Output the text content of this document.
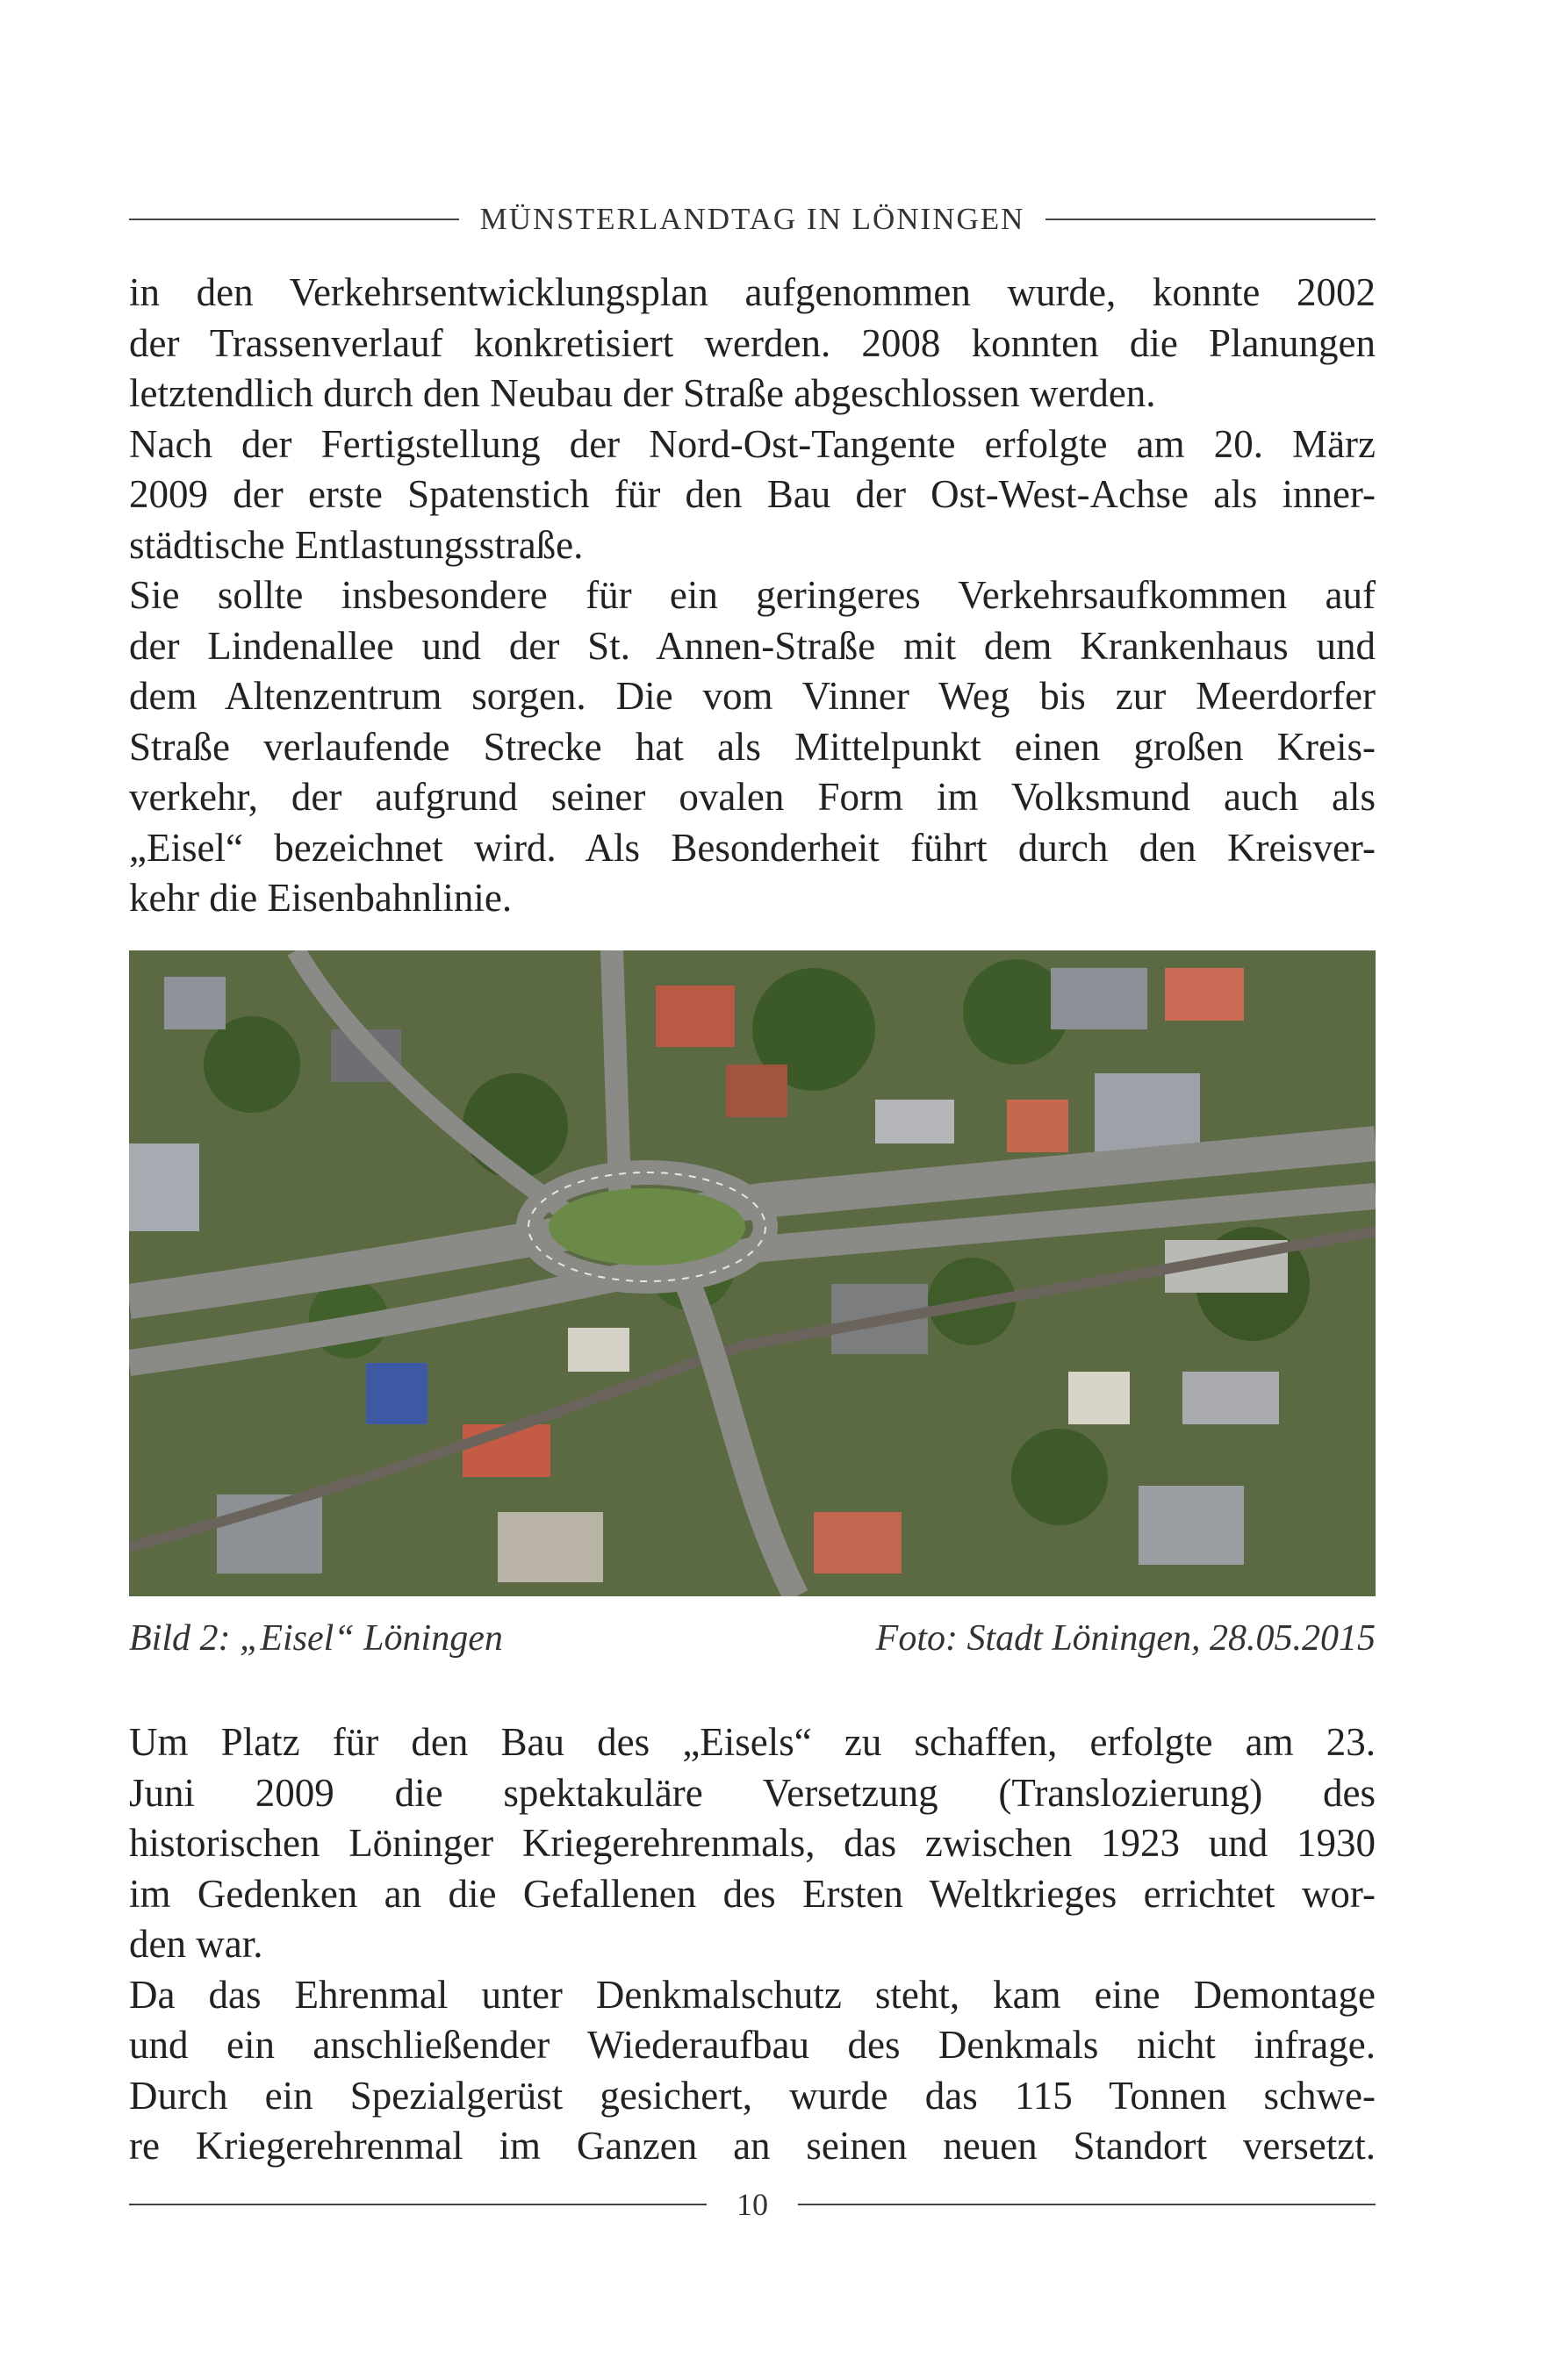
MÜNSTERLANDTAG IN LÖNINGEN
in den Verkehrsentwicklungsplan aufgenommen wurde, konnte 2002
der Trassenverlauf konkretisiert werden. 2008 konnten die Planungen
letztendlich durch den Neubau der Straße abgeschlossen werden.
Nach der Fertigstellung der Nord-Ost-Tangente erfolgte am 20. März
2009 der erste Spatenstich für den Bau der Ost-West-Achse als inner-
städtische Entlastungsstraße.
Sie sollte insbesondere für ein geringeres Verkehrsaufkommen auf
der Lindenallee und der St. Annen-Straße mit dem Krankenhaus und
dem Altenzentrum sorgen. Die vom Vinner Weg bis zur Meerdorfer
Straße verlaufende Strecke hat als Mittelpunkt einen großen Kreis-
verkehr, der aufgrund seiner ovalen Form im Volksmund auch als
„Eisel“ bezeichnet wird. Als Besonderheit führt durch den Kreisver-
kehr die Eisenbahnlinie.
Bild 2: „Eisel“ Löningen	Foto: Stadt Löningen, 28.05.2015
Um Platz für den Bau des „Eisels“ zu schaffen, erfolgte am 23.
Juni 2009 die spektakuläre Versetzung (Translozierung) des
historischen Löninger Kriegerehrenmals, das zwischen 1923 und 1930
im Gedenken an die Gefallenen des Ersten Weltkrieges errichtet wor-
den war.
Da das Ehrenmal unter Denkmalschutz steht, kam eine Demontage
und ein anschließender Wiederaufbau des Denkmals nicht infrage.
Durch ein Spezialgerüst gesichert, wurde das 115 Tonnen schwe-
re Kriegerehrenmal im Ganzen an seinen neuen Standort versetzt.
10
